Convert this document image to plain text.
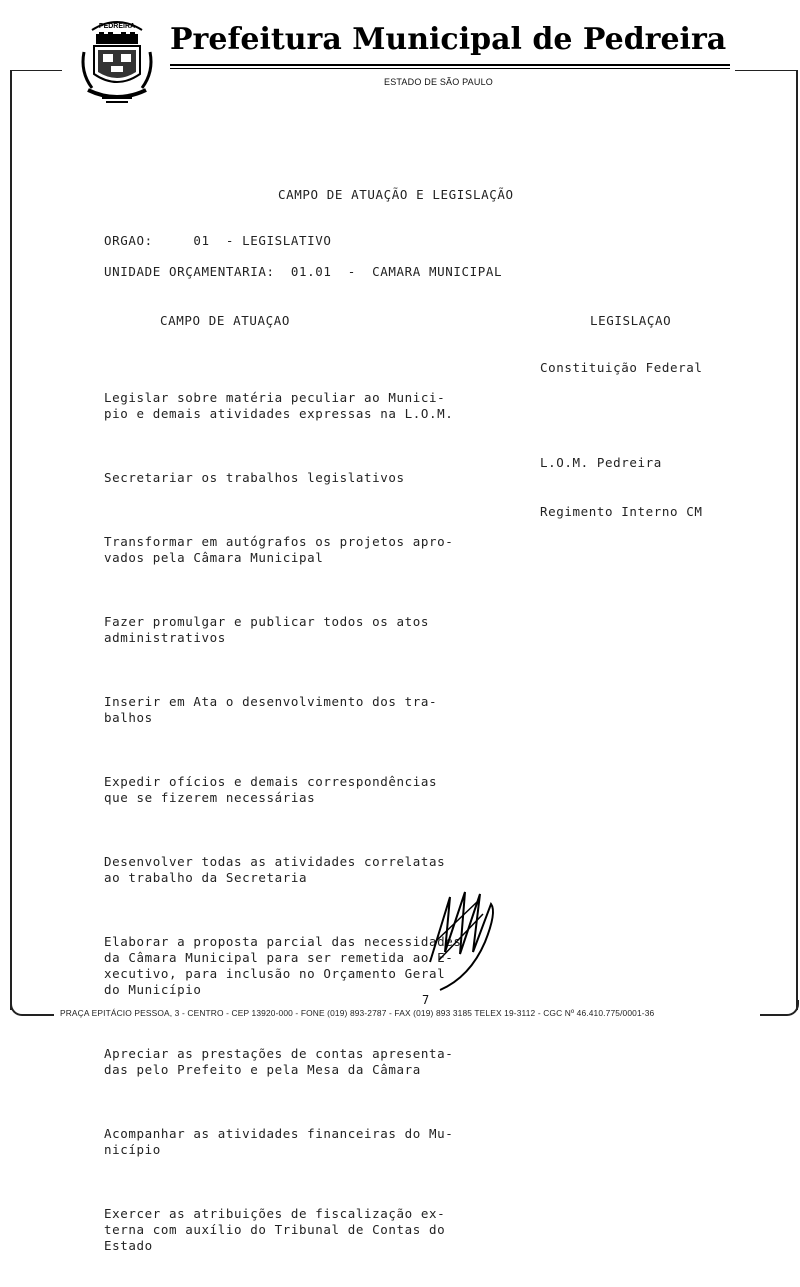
PEDREIRA Prefeitura Municipal de Pedreira
ESTADO DE SÃO PAULO
CAMPO DE ATUAÇÃO E LEGISLAÇÃO
ORGAO:	01  - LEGISLATIVO
UNIDADE ORÇAMENTARIA: 01.01  -  CAMARA MUNICIPAL
CAMPO DE ATUAÇAO	LEGISLAÇAO

Legislar sobre matéria peculiar ao Munici-
pio e demais atividades expressas na L.O.M.

Secretariar os trabalhos legislativos

Transformar em autógrafos os projetos apro-
vados pela Câmara Municipal

Fazer promulgar e publicar todos os atos
administrativos

Inserir em Ata o desenvolvimento dos tra-
balhos

Expedir ofícios e demais correspondências
que se fizerem necessárias

Desenvolver todas as atividades correlatas
ao trabalho da Secretaria

Elaborar a proposta parcial das necessidades
da Câmara Municipal para ser remetida ao E-
xecutivo, para inclusão no Orçamento Geral
do Município

Apreciar as prestações de contas apresenta-
das pelo Prefeito e pela Mesa da Câmara

Acompanhar as atividades financeiras do Mu-
nicípio

Exercer as atribuições de fiscalização ex-
terna com auxílio do Tribunal de Contas do
Estado

Constituição Federal
L.O.M. Pedreira
Regimento Interno CM
7
PRAÇA EPITÁCIO PESSOA, 3 - CENTRO - CEP 13920-000 - FONE (019) 893-2787 - FAX (019) 893 3185 TELEX 19-3112 - CGC Nº 46.410.775/0001-36
